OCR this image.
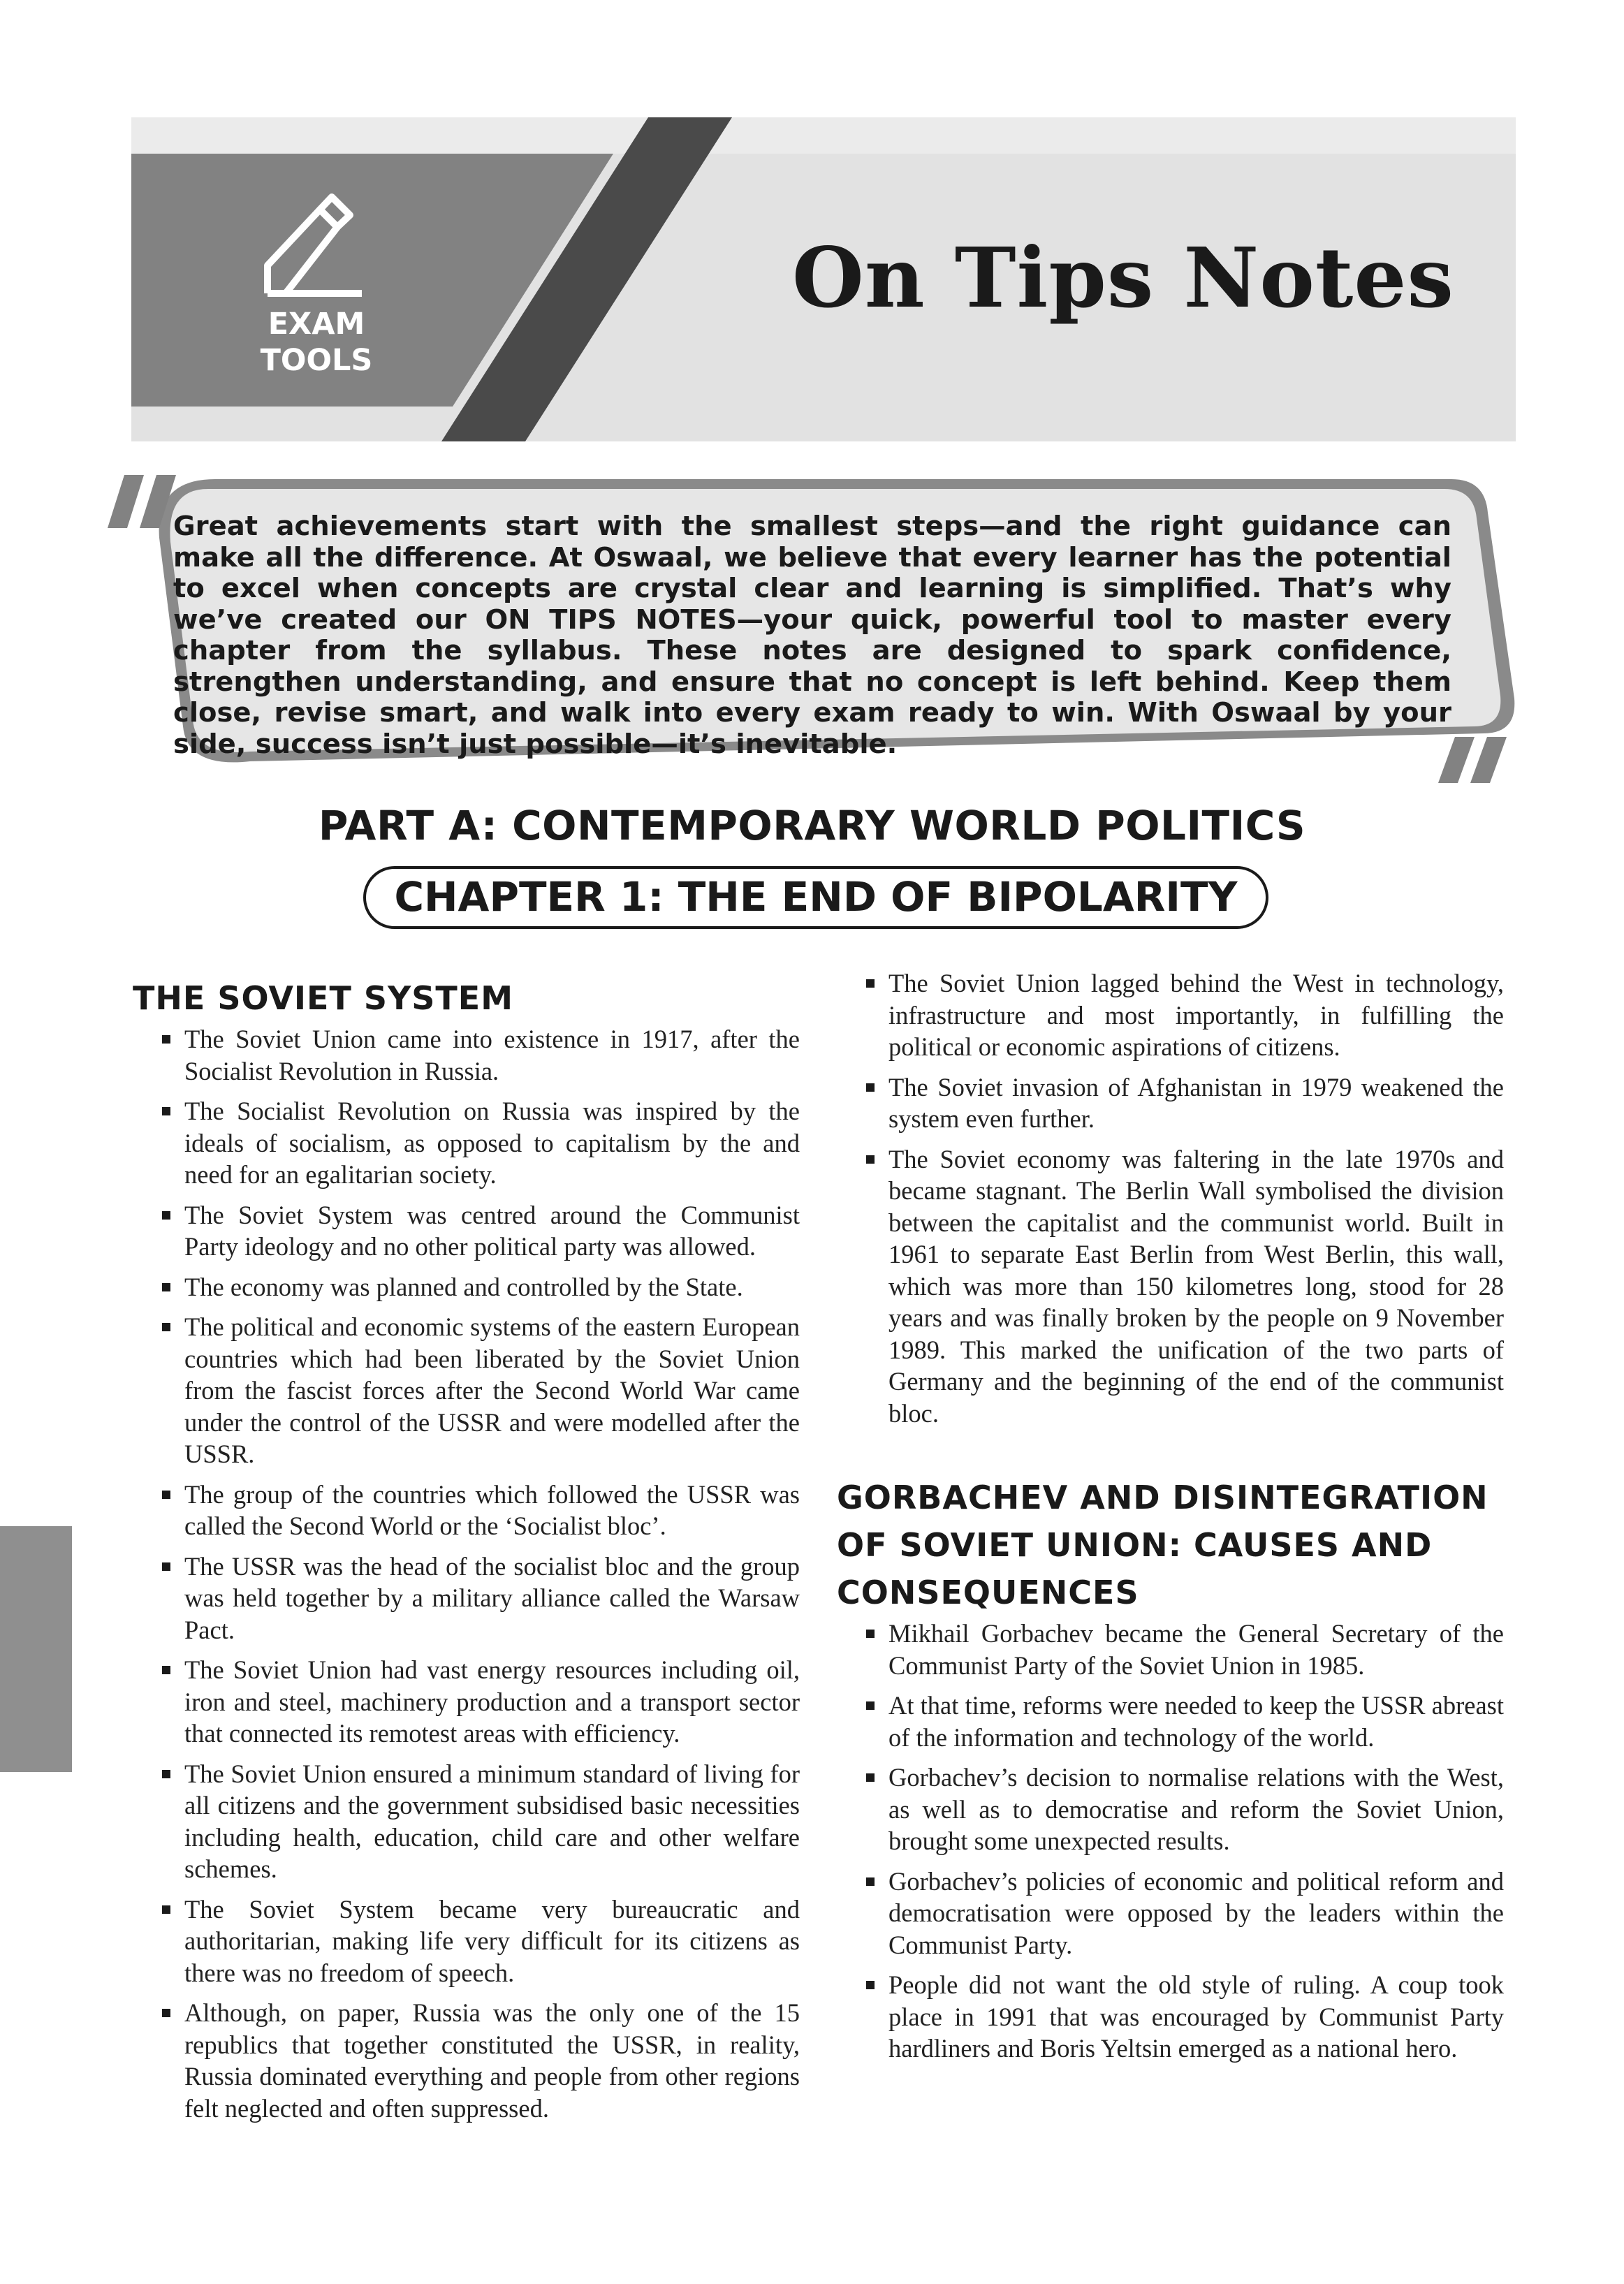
EXAM
TOOLS
On Tips Notes
Great achievements start with the smallest steps—and the right guidance can make all the difference. At Oswaal, we believe that every learner has the potential to excel when concepts are crystal clear and learning is simplified. That’s why we’ve created our ON TIPS NOTES—your quick, powerful tool to master every chapter from the syllabus. These notes are designed to spark confidence, strengthen understanding, and ensure that no concept is left behind. Keep them close, revise smart, and walk into every exam ready to win. With Oswaal by your side, success isn’t just possible—it’s inevitable.
PART A: CONTEMPORARY WORLD POLITICS
CHAPTER 1: THE END OF BIPOLARITY
THE SOVIET SYSTEM
The Soviet Union came into existence in 1917, after the Socialist Revolution in Russia.
The Socialist Revolution on Russia was inspired by the ideals of socialism, as opposed to capitalism by the and need for an egalitarian society.
The Soviet System was centred around the Communist Party ideology and no other political party was allowed.
The economy was planned and controlled by the State.
The political and economic systems of the eastern European countries which had been liberated by the Soviet Union from the fascist forces after the Second World War came under the control of the USSR and were modelled after the USSR.
The group of the countries which followed the USSR was called the Second World or the ‘Socialist bloc’.
The USSR was the head of the socialist bloc and the group was held together by a military alliance called the Warsaw Pact.
The Soviet Union had vast energy resources including oil, iron and steel, machinery production and a transport sector that connected its remotest areas with efficiency.
The Soviet Union ensured a minimum standard of living for all citizens and the government subsidised basic necessities including health, education, child care and other welfare schemes.
The Soviet System became very bureaucratic and authoritarian, making life very difficult for its citizens as there was no freedom of speech.
Although, on paper, Russia was the only one of the 15 republics that together constituted the USSR, in reality, Russia dominated everything and people from other regions felt neglected and often suppressed.
The Soviet Union lagged behind the West in technology, infrastructure and most importantly, in fulfilling the political or economic aspirations of citizens.
The Soviet invasion of Afghanistan in 1979 weakened the system even further.
The Soviet economy was faltering in the late 1970s and became stagnant. The Berlin Wall symbolised the division between the capitalist and the communist world. Built in 1961 to separate East Berlin from West Berlin, this wall, which was more than 150 kilometres long, stood for 28 years and was finally broken by the people on 9 November 1989. This marked the unification of the two parts of Germany and the beginning of the end of the communist bloc.
GORBACHEV AND DISINTEGRATION
OF SOVIET UNION: CAUSES AND
CONSEQUENCES
Mikhail Gorbachev became the General Secretary of the Communist Party of the Soviet Union in 1985.
At that time, reforms were needed to keep the USSR abreast of the information and technology of the world.
Gorbachev’s decision to normalise relations with the West, as well as to democratise and reform the Soviet Union, brought some unexpected results.
Gorbachev’s policies of economic and political reform and democratisation were opposed by the leaders within the Communist Party.
People did not want the old style of ruling. A coup took place in 1991 that was encouraged by Communist Party hardliners and Boris Yeltsin emerged as a national hero.
